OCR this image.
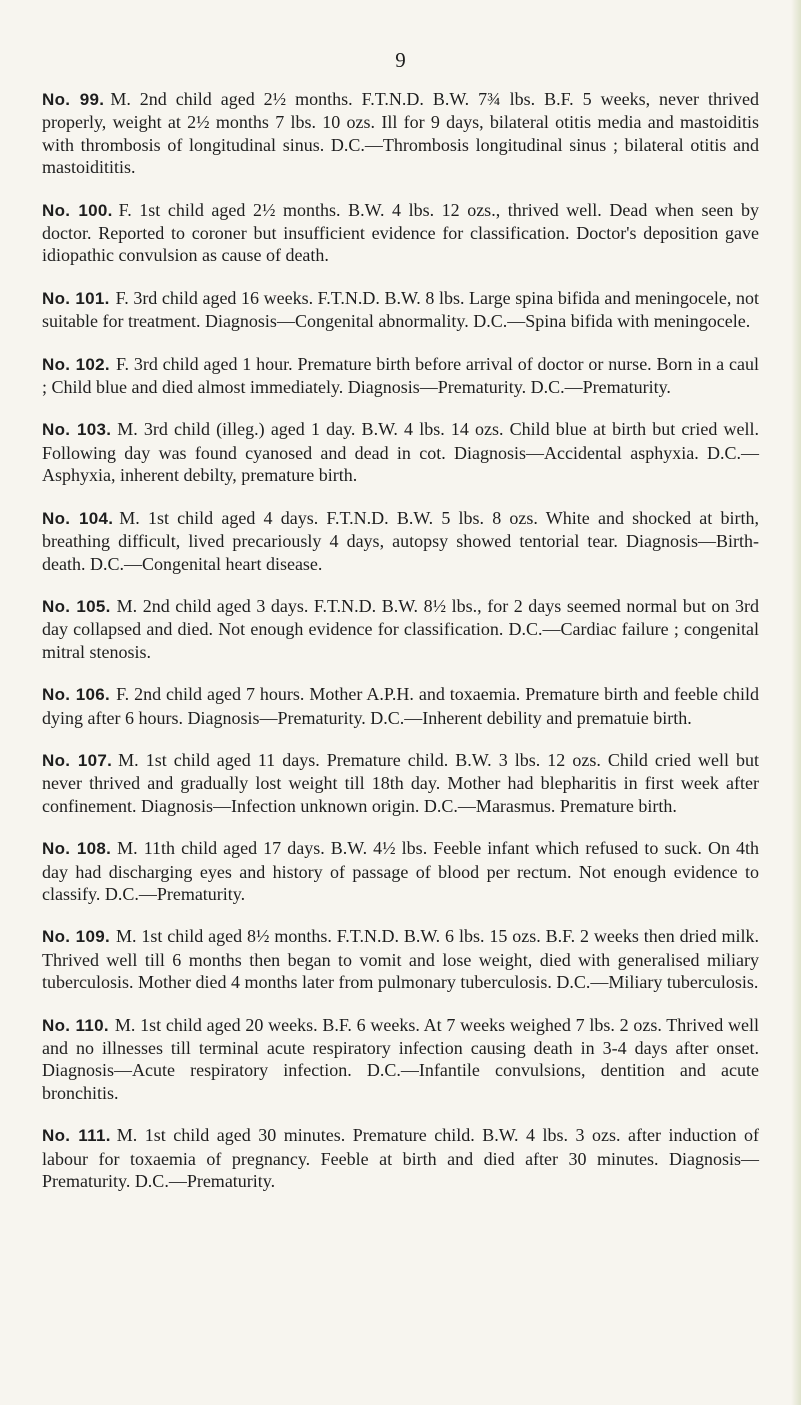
9

No. 99. M. 2nd child aged 2½ months. F.T.N.D. B.W. 7¾ lbs. B.F. 5 weeks, never thrived properly, weight at 2½ months 7 lbs. 10 ozs. Ill for 9 days, bilateral otitis media and mastoiditis with thrombosis of longitudinal sinus. D.C.—Thrombosis longitudinal sinus ; bilateral otitis and mastoidititis.

No. 100. F. 1st child aged 2½ months. B.W. 4 lbs. 12 ozs., thrived well. Dead when seen by doctor. Reported to coroner but insufficient evidence for classification. Doctor's deposition gave idiopathic convulsion as cause of death.

No. 101. F. 3rd child aged 16 weeks. F.T.N.D. B.W. 8 lbs. Large spina bifida and meningocele, not suitable for treatment. Diagnosis—Congenital abnormality. D.C.—Spina bifida with meningocele.

No. 102. F. 3rd child aged 1 hour. Premature birth before arrival of doctor or nurse. Born in a caul ; Child blue and died almost immediately. Diagnosis—Prematurity. D.C.—Prematurity.

No. 103. M. 3rd child (illeg.) aged 1 day. B.W. 4 lbs. 14 ozs. Child blue at birth but cried well. Following day was found cyanosed and dead in cot. Diagnosis—Accidental asphyxia. D.C.—Asphyxia, inherent debilty, premature birth.

No. 104. M. 1st child aged 4 days. F.T.N.D. B.W. 5 lbs. 8 ozs. White and shocked at birth, breathing difficult, lived precariously 4 days, autopsy showed tentorial tear. Diagnosis—Birth-death. D.C.—Congenital heart disease.

No. 105. M. 2nd child aged 3 days. F.T.N.D. B.W. 8½ lbs., for 2 days seemed normal but on 3rd day collapsed and died. Not enough evidence for classification. D.C.—Cardiac failure ; congenital mitral stenosis.

No. 106. F. 2nd child aged 7 hours. Mother A.P.H. and toxaemia. Premature birth and feeble child dying after 6 hours. Diagnosis—Prematurity. D.C.—Inherent debility and prematuie birth.

No. 107. M. 1st child aged 11 days. Premature child. B.W. 3 lbs. 12 ozs. Child cried well but never thrived and gradually lost weight till 18th day. Mother had blepharitis in first week after confinement. Diagnosis—Infection unknown origin. D.C.—Marasmus. Premature birth.

No. 108. M. 11th child aged 17 days. B.W. 4½ lbs. Feeble infant which refused to suck. On 4th day had discharging eyes and history of passage of blood per rectum. Not enough evidence to classify. D.C.—Prematurity.

No. 109. M. 1st child aged 8½ months. F.T.N.D. B.W. 6 lbs. 15 ozs. B.F. 2 weeks then dried milk. Thrived well till 6 months then began to vomit and lose weight, died with generalised miliary tuberculosis. Mother died 4 months later from pulmonary tuberculosis. D.C.—Miliary tuberculosis.

No. 110. M. 1st child aged 20 weeks. B.F. 6 weeks. At 7 weeks weighed 7 lbs. 2 ozs. Thrived well and no illnesses till terminal acute respiratory infection causing death in 3-4 days after onset. Diagnosis—Acute respiratory infection. D.C.—Infantile convulsions, dentition and acute bronchitis.

No. 111. M. 1st child aged 30 minutes. Premature child. B.W. 4 lbs. 3 ozs. after induction of labour for toxaemia of pregnancy. Feeble at birth and died after 30 minutes. Diagnosis—Prematurity. D.C.—Prematurity.
